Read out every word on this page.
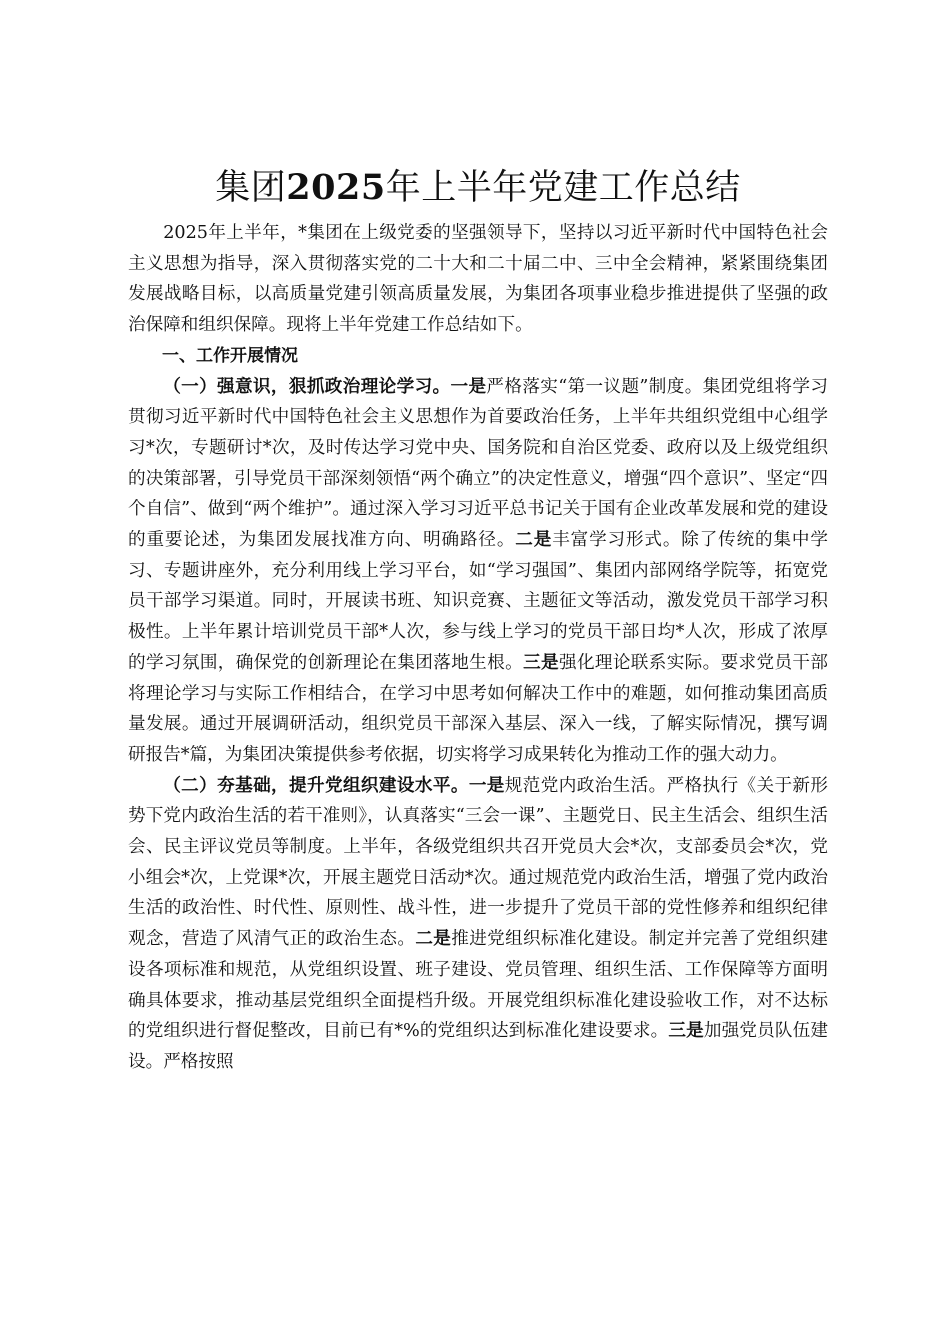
集团2025年上半年党建工作总结

2025年上半年，*集团在上级党委的坚强领导下，坚持以习近平新时代中国特色社会主义思想为指导，深入贯彻落实党的二十大和二十届二中、三中全会精神，紧紧围绕集团发展战略目标，以高质量党建引领高质量发展，为集团各项事业稳步推进提供了坚强的政治保障和组织保障。现将上半年党建工作总结如下。

一、工作开展情况

（一）强意识，狠抓政治理论学习。一是严格落实“第一议题”制度。集团党组将学习贯彻习近平新时代中国特色社会主义思想作为首要政治任务，上半年共组织党组中心组学习*次，专题研讨*次，及时传达学习党中央、国务院和自治区党委、政府以及上级党组织的决策部署，引导党员干部深刻领悟“两个确立”的决定性意义，增强“四个意识”、坚定“四个自信”、做到“两个维护”。通过深入学习习近平总书记关于国有企业改革发展和党的建设的重要论述，为集团发展找准方向、明确路径。二是丰富学习形式。除了传统的集中学习、专题讲座外，充分利用线上学习平台，如“学习强国”、集团内部网络学院等，拓宽党员干部学习渠道。同时，开展读书班、知识竞赛、主题征文等活动，激发党员干部学习积极性。上半年累计培训党员干部*人次，参与线上学习的党员干部日均*人次，形成了浓厚的学习氛围，确保党的创新理论在集团落地生根。三是强化理论联系实际。要求党员干部将理论学习与实际工作相结合，在学习中思考如何解决工作中的难题，如何推动集团高质量发展。通过开展调研活动，组织党员干部深入基层、深入一线，了解实际情况，撰写调研报告*篇，为集团决策提供参考依据，切实将学习成果转化为推动工作的强大动力。

（二）夯基础，提升党组织建设水平。一是规范党内政治生活。严格执行《关于新形势下党内政治生活的若干准则》，认真落实“三会一课”、主题党日、民主生活会、组织生活会、民主评议党员等制度。上半年，各级党组织共召开党员大会*次，支部委员会*次，党小组会*次，上党课*次，开展主题党日活动*次。通过规范党内政治生活，增强了党内政治生活的政治性、时代性、原则性、战斗性，进一步提升了党员干部的党性修养和组织纪律观念，营造了风清气正的政治生态。二是推进党组织标准化建设。制定并完善了党组织建设各项标准和规范，从党组织设置、班子建设、党员管理、组织生活、工作保障等方面明确具体要求，推动基层党组织全面提档升级。开展党组织标准化建设验收工作，对不达标的党组织进行督促整改，目前已有*%的党组织达到标准化建设要求。三是加强党员队伍建设。严格按照
